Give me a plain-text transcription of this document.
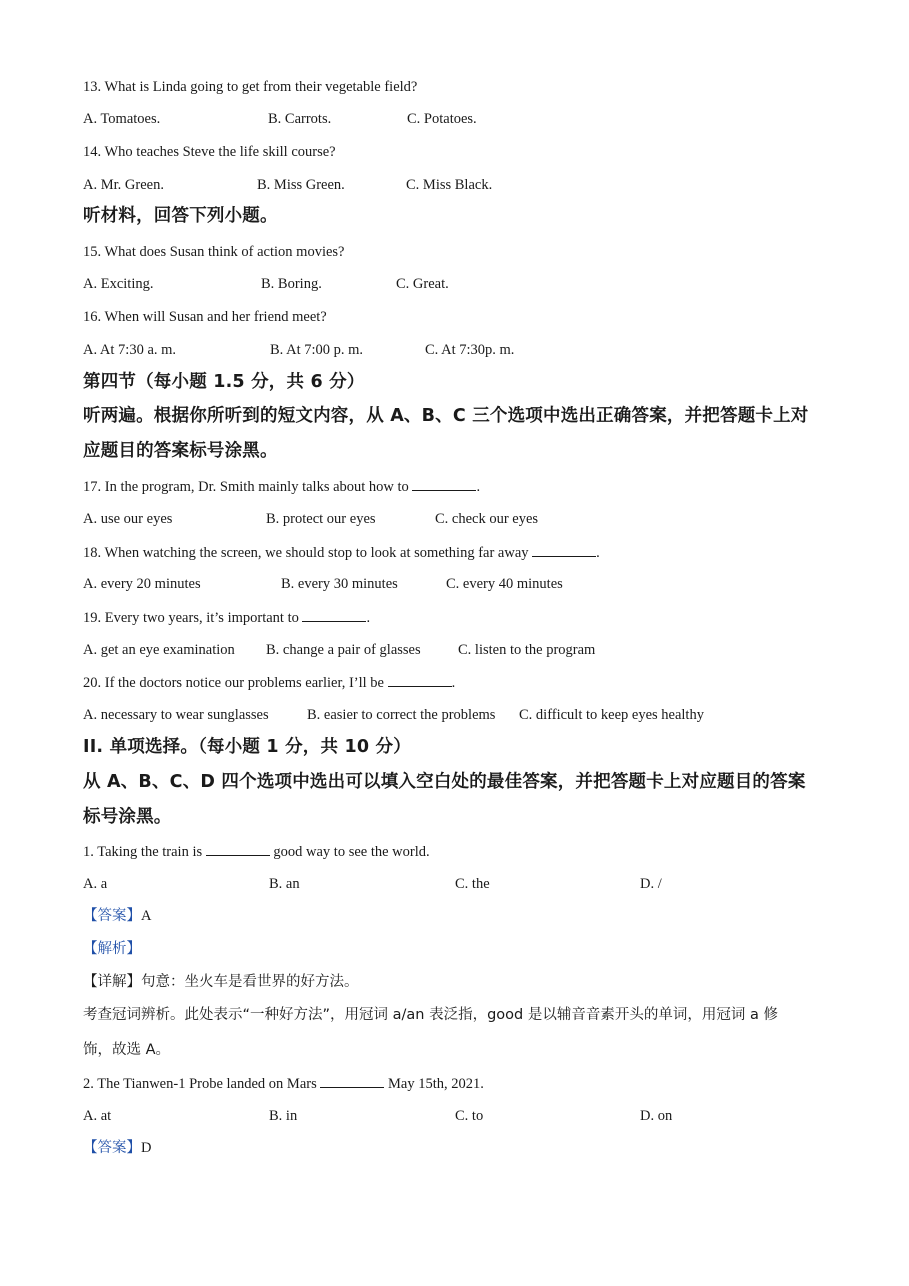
13. What is Linda going to get from their vegetable field?
A. Tomatoes.	B. Carrots.	C. Potatoes.
14. Who teaches Steve the life skill course?
A. Mr. Green.	B. Miss Green.	C. Miss Black.
听材料，回答下列小题。
15. What does Susan think of action movies?
A. Exciting.	B. Boring.	C. Great.
16. When will Susan and her friend meet?
A. At 7:30 a. m.	B. At 7:00 p. m.	C. At 7:30p. m.
第四节（每小题 1.5 分，共 6 分）
听两遍。根据你所听到的短文内容，从 A、B、C 三个选项中选出正确答案，并把答题卡上对
应题目的答案标号涂黑。
17. In the program, Dr. Smith mainly talks about how to	.
A. use our eyes	B. protect our eyes	C. check our eyes
18. When watching the screen, we should stop to look at something far away	.
A. every 20 minutes	B. every 30 minutes	C. every 40 minutes
19. Every two years, it’s important to	.
A. get an eye examination B. change a pair of glasses	C. listen to the program
20. If the doctors notice our problems earlier, I’ll be	.
A. necessary to wear sunglasses	B. easier to correct the problems C. difficult to keep eyes healthy
II. 单项选择。（每小题 1 分，共 10 分）
从 A、B、C、D 四个选项中选出可以填入空白处的最佳答案，并把答题卡上对应题目的答案
标号涂黑。
1. Taking the train is	good way to see the world.
A. a	B. an	C. the	D. /
【答案】A
【解析】
【详解】句意：坐火车是看世界的好方法。
考查冠词辨析。此处表示“一种好方法”，用冠词 a/an 表泛指，good 是以辅音音素开头的单词，用冠词 a 修
饰，故选 A。
2. The Tianwen-1 Probe landed on Mars	May 15th, 2021.
A. at	B. in	C. to	D. on
【答案】D
